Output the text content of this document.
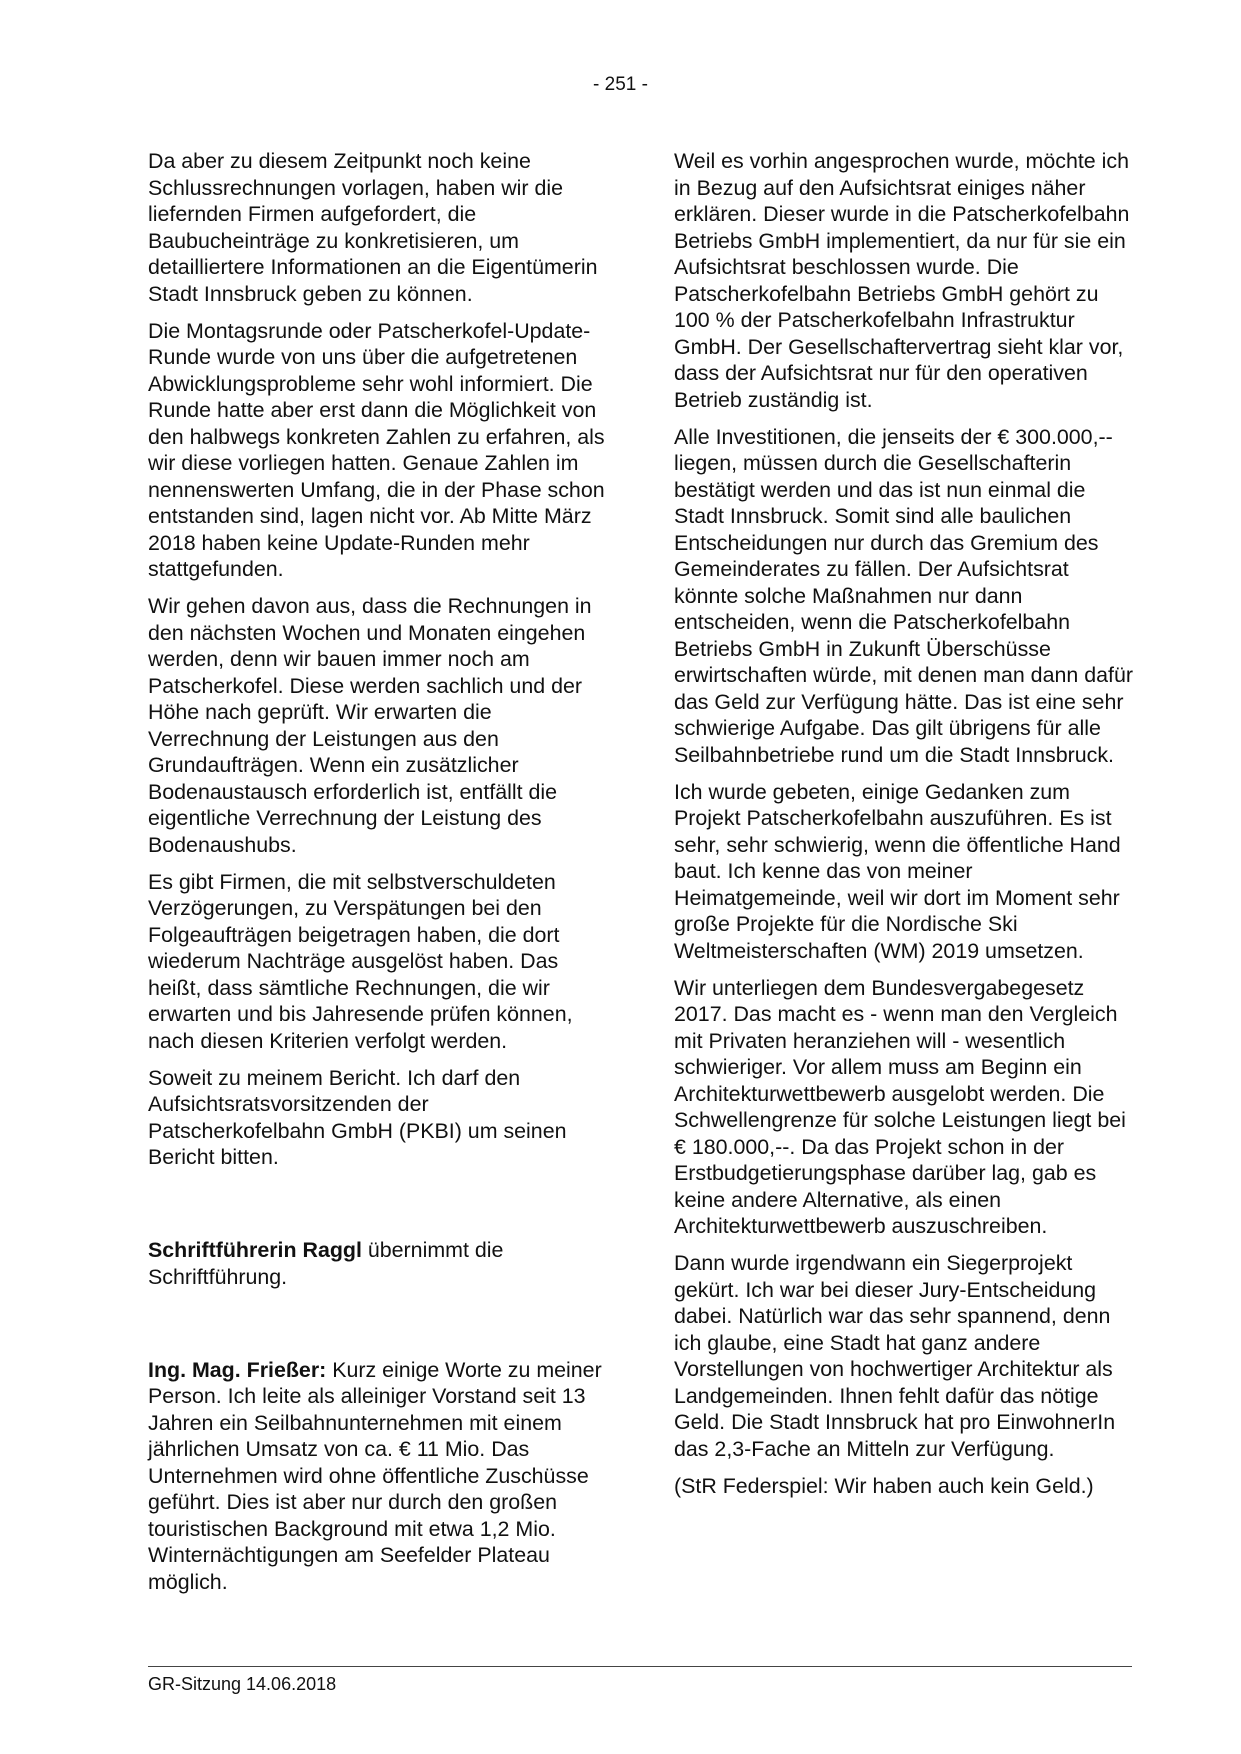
- 251 -

Da aber zu diesem Zeitpunkt noch keine Schlussrechnungen vorlagen, haben wir die liefernden Firmen aufgefordert, die Baubucheinträge zu konkretisieren, um detailliertere Informationen an die Eigentümerin Stadt Innsbruck geben zu können.

Die Montagsrunde oder Patscherkofel-Update-Runde wurde von uns über die aufgetretenen Abwicklungsprobleme sehr wohl informiert. Die Runde hatte aber erst dann die Möglichkeit von den halbwegs konkreten Zahlen zu erfahren, als wir diese vorliegen hatten. Genaue Zahlen im nennenswerten Umfang, die in der Phase schon entstanden sind, lagen nicht vor. Ab Mitte März 2018 haben keine Update-Runden mehr stattgefunden.

Wir gehen davon aus, dass die Rechnungen in den nächsten Wochen und Monaten eingehen werden, denn wir bauen immer noch am Patscherkofel. Diese werden sachlich und der Höhe nach geprüft. Wir erwarten die Verrechnung der Leistungen aus den Grundaufträgen. Wenn ein zusätzlicher Bodenaustausch erforderlich ist, entfällt die eigentliche Verrechnung der Leistung des Bodenaushubs.

Es gibt Firmen, die mit selbstverschuldeten Verzögerungen, zu Verspätungen bei den Folgeaufträgen beigetragen haben, die dort wiederum Nachträge ausgelöst haben. Das heißt, dass sämtliche Rechnungen, die wir erwarten und bis Jahresende prüfen können, nach diesen Kriterien verfolgt werden.

Soweit zu meinem Bericht. Ich darf den Aufsichtsratsvorsitzenden der Patscherkofelbahn GmbH (PKBI) um seinen Bericht bitten.

Schriftführerin Raggl übernimmt die Schriftführung.

Ing. Mag. Frießer: Kurz einige Worte zu meiner Person. Ich leite als alleiniger Vorstand seit 13 Jahren ein Seilbahnunternehmen mit einem jährlichen Umsatz von ca. € 11 Mio. Das Unternehmen wird ohne öffentliche Zuschüsse geführt. Dies ist aber nur durch den großen touristischen Background mit etwa 1,2 Mio. Winternächtigungen am Seefelder Plateau möglich.

Weil es vorhin angesprochen wurde, möchte ich in Bezug auf den Aufsichtsrat einiges näher erklären. Dieser wurde in die Patscherkofelbahn Betriebs GmbH implementiert, da nur für sie ein Aufsichtsrat beschlossen wurde. Die Patscherkofelbahn Betriebs GmbH gehört zu 100 % der Patscherkofelbahn Infrastruktur GmbH. Der Gesellschaftervertrag sieht klar vor, dass der Aufsichtsrat nur für den operativen Betrieb zuständig ist.

Alle Investitionen, die jenseits der € 300.000,-- liegen, müssen durch die Gesellschafterin bestätigt werden und das ist nun einmal die Stadt Innsbruck. Somit sind alle baulichen Entscheidungen nur durch das Gremium des Gemeinderates zu fällen. Der Aufsichtsrat könnte solche Maßnahmen nur dann entscheiden, wenn die Patscherkofelbahn Betriebs GmbH in Zukunft Überschüsse erwirtschaften würde, mit denen man dann dafür das Geld zur Verfügung hätte. Das ist eine sehr schwierige Aufgabe. Das gilt übrigens für alle Seilbahnbetriebe rund um die Stadt Innsbruck.

Ich wurde gebeten, einige Gedanken zum Projekt Patscherkofelbahn auszuführen. Es ist sehr, sehr schwierig, wenn die öffentliche Hand baut. Ich kenne das von meiner Heimatgemeinde, weil wir dort im Moment sehr große Projekte für die Nordische Ski Weltmeisterschaften (WM) 2019 umsetzen.

Wir unterliegen dem Bundesvergabegesetz 2017. Das macht es - wenn man den Vergleich mit Privaten heranziehen will - wesentlich schwieriger. Vor allem muss am Beginn ein Architekturwettbewerb ausgelobt werden. Die Schwellengrenze für solche Leistungen liegt bei € 180.000,--. Da das Projekt schon in der Erstbudgetierungsphase darüber lag, gab es keine andere Alternative, als einen Architekturwettbewerb auszuschreiben.

Dann wurde irgendwann ein Siegerprojekt gekürt. Ich war bei dieser Jury-Entscheidung dabei. Natürlich war das sehr spannend, denn ich glaube, eine Stadt hat ganz andere Vorstellungen von hochwertiger Architektur als Landgemeinden. Ihnen fehlt dafür das nötige Geld. Die Stadt Innsbruck hat pro EinwohnerIn das 2,3-Fache an Mitteln zur Verfügung.

(StR Federspiel: Wir haben auch kein Geld.)

GR-Sitzung 14.06.2018
